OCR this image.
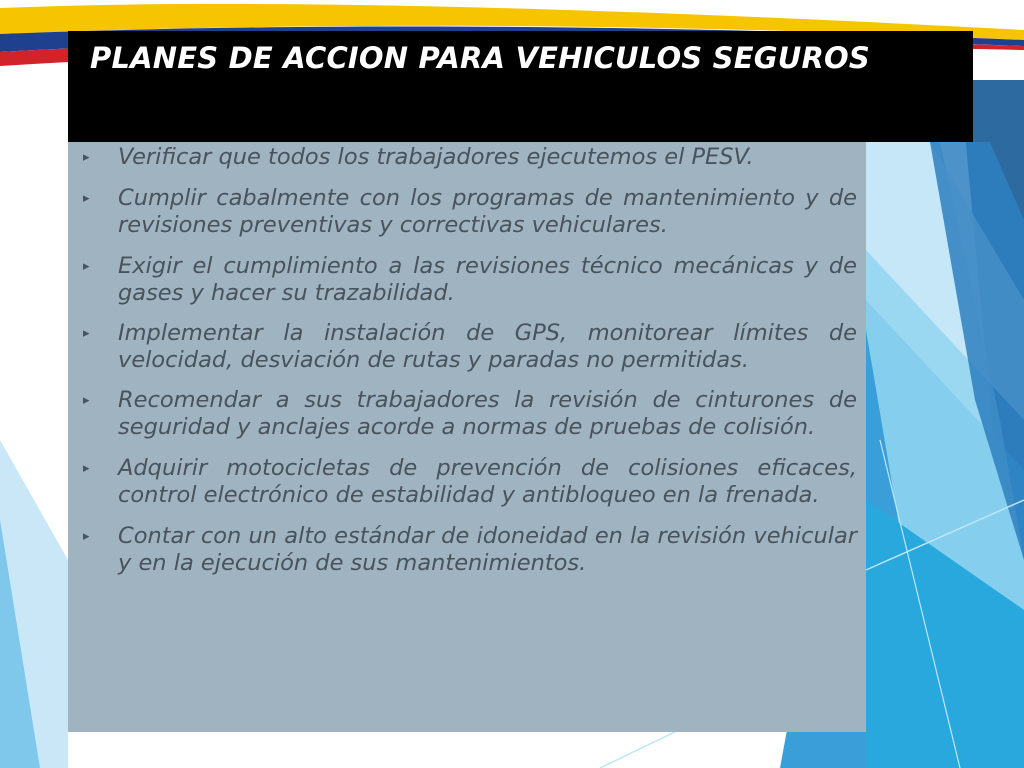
PLANES DE ACCION PARA VEHICULOS SEGUROS
▸ Verificar que todos los trabajadores ejecutemos el PESV.
▸ Cumplir cabalmente con los programas de mantenimiento y de revisiones preventivas y correctivas vehiculares.
▸ Exigir el cumplimiento a las revisiones técnico mecánicas y de gases y hacer su trazabilidad.
▸ Implementar la instalación de GPS, monitorear límites de velocidad, desviación de rutas y paradas no permitidas.
▸ Recomendar a sus trabajadores la revisión de cinturones de seguridad y anclajes acorde a normas de pruebas de colisión.
▸ Adquirir motocicletas de prevención de colisiones eficaces, control electrónico de estabilidad y antibloqueo en la frenada.
▸ Contar con un alto estándar de idoneidad en la revisión vehicular y en la ejecución de sus mantenimientos.
